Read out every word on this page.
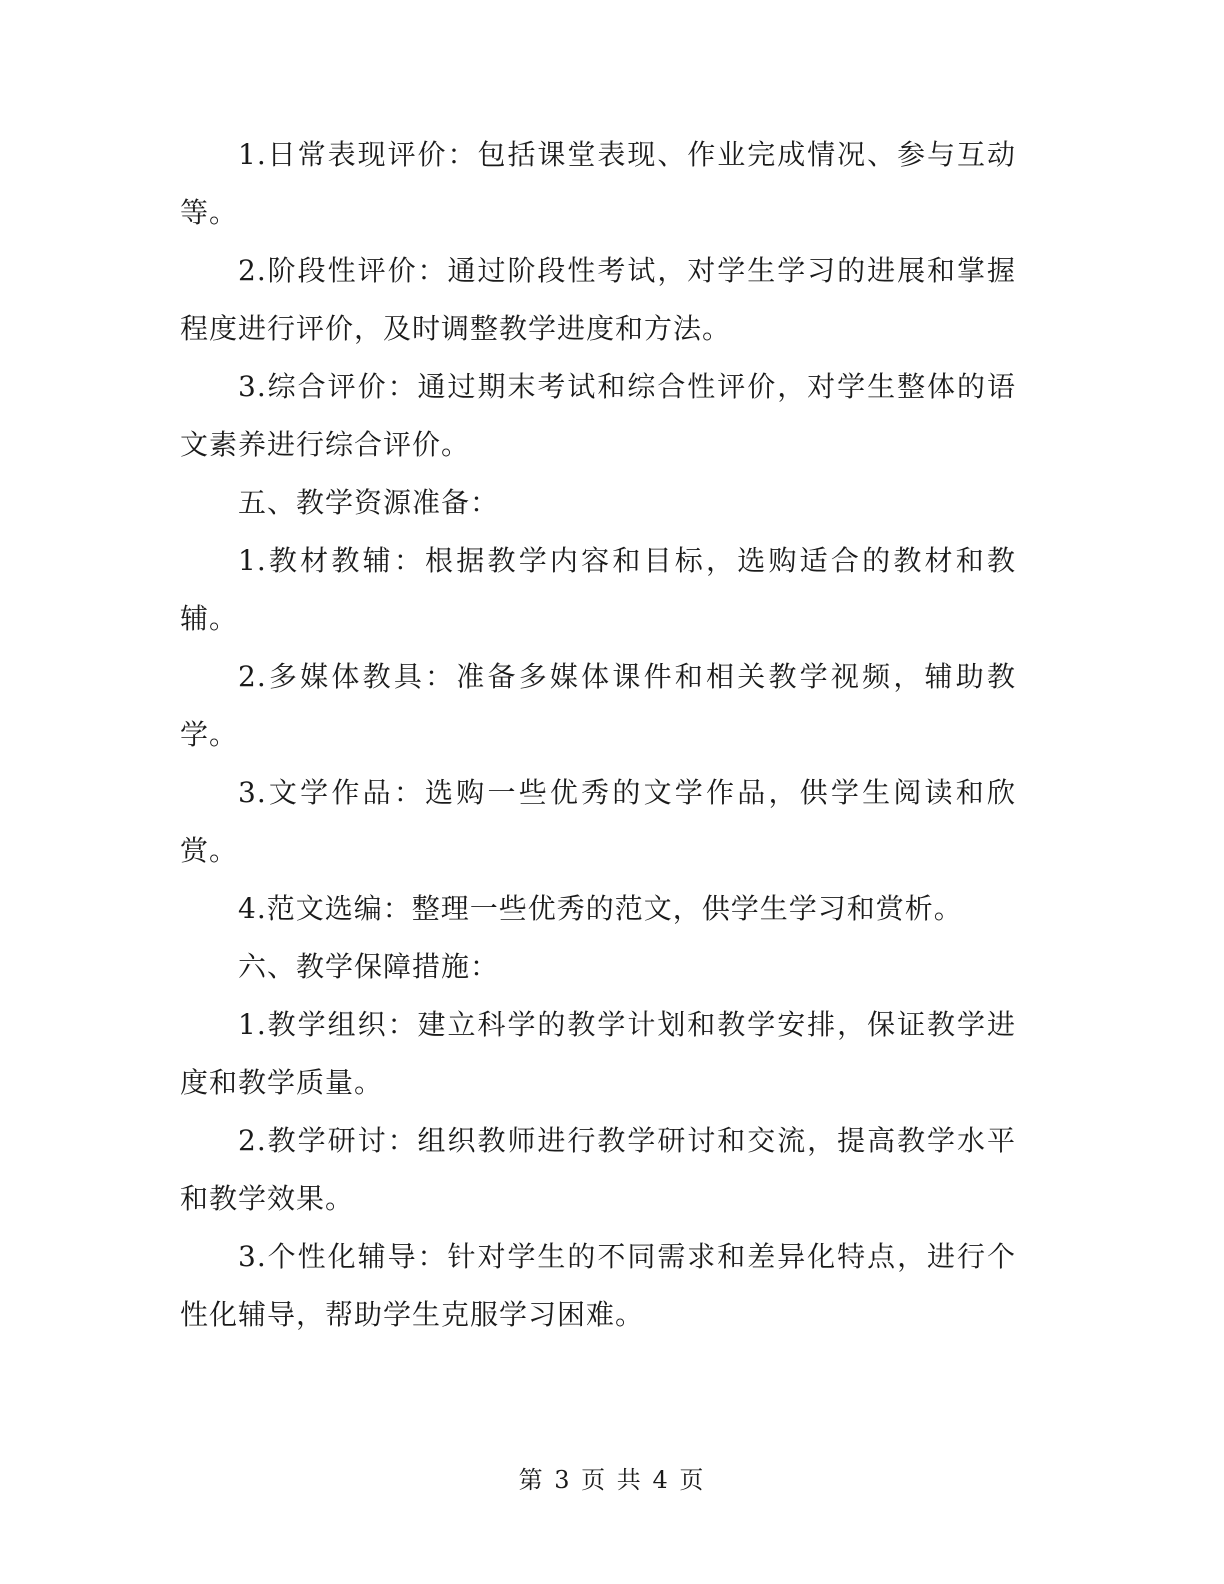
1.日常表现评价：包括课堂表现、作业完成情况、参与互动等。

2.阶段性评价：通过阶段性考试，对学生学习的进展和掌握程度进行评价，及时调整教学进度和方法。

3.综合评价：通过期末考试和综合性评价，对学生整体的语文素养进行综合评价。

五、教学资源准备：

1.教材教辅：根据教学内容和目标，选购适合的教材和教辅。

2.多媒体教具：准备多媒体课件和相关教学视频，辅助教学。

3.文学作品：选购一些优秀的文学作品，供学生阅读和欣赏。

4.范文选编：整理一些优秀的范文，供学生学习和赏析。

六、教学保障措施：

1.教学组织：建立科学的教学计划和教学安排，保证教学进度和教学质量。

2.教学研讨：组织教师进行教学研讨和交流，提高教学水平和教学效果。

3.个性化辅导：针对学生的不同需求和差异化特点，进行个性化辅导，帮助学生克服学习困难。

第 3 页 共 4 页
